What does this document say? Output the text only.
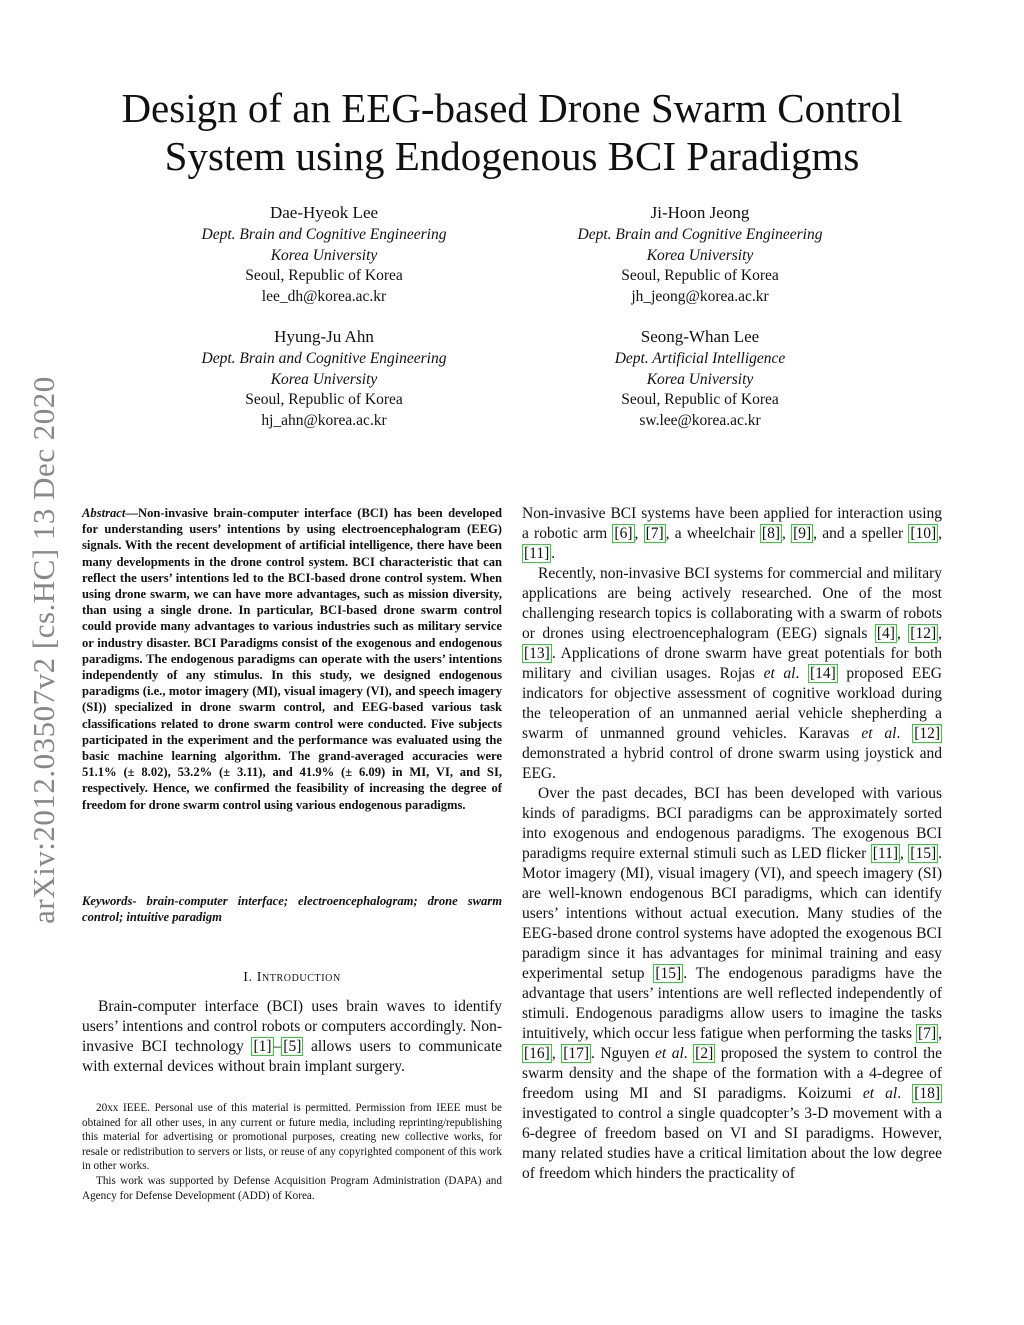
arXiv:2012.03507v2 [cs.HC] 13 Dec 2020
Design of an EEG-based Drone Swarm Control
System using Endogenous BCI Paradigms
Dae-Hyeok Lee
Dept. Brain and Cognitive Engineering
Korea University
Seoul, Republic of Korea
lee_dh@korea.ac.kr
Ji-Hoon Jeong
Dept. Brain and Cognitive Engineering
Korea University
Seoul, Republic of Korea
jh_jeong@korea.ac.kr
Hyung-Ju Ahn
Dept. Brain and Cognitive Engineering
Korea University
Seoul, Republic of Korea
hj_ahn@korea.ac.kr
Seong-Whan Lee
Dept. Artificial Intelligence
Korea University
Seoul, Republic of Korea
sw.lee@korea.ac.kr

Abstract—Non-invasive brain-computer interface (BCI) has been developed for understanding users’ intentions by using electroencephalogram (EEG) signals. With the recent development of artificial intelligence, there have been many developments in the drone control system. BCI characteristic that can reflect the users’ intentions led to the BCI-based drone control system. When using drone swarm, we can have more advantages, such as mission diversity, than using a single drone. In particular, BCI-based drone swarm control could provide many advantages to various industries such as military service or industry disaster. BCI Paradigms consist of the exogenous and endogenous paradigms. The endogenous paradigms can operate with the users’ intentions independently of any stimulus. In this study, we designed endogenous paradigms (i.e., motor imagery (MI), visual imagery (VI), and speech imagery (SI)) specialized in drone swarm control, and EEG-based various task classifications related to drone swarm control were conducted. Five subjects participated in the experiment and the performance was evaluated using the basic machine learning algorithm. The grand-averaged accuracies were 51.1% (± 8.02), 53.2% (± 3.11), and 41.9% (± 6.09) in MI, VI, and SI, respectively. Hence, we confirmed the feasibility of increasing the degree of freedom for drone swarm control using various endogenous paradigms.

Keywords- brain-computer interface; electroencephalogram; drone swarm control; intuitive paradigm

I. Introduction

Brain-computer interface (BCI) uses brain waves to identify users’ intentions and control robots or computers accordingly. Non-invasive BCI technology [1] – [5] allows users to communicate with external devices without brain implant surgery.

20xx IEEE. Personal use of this material is permitted. Permission from IEEE must be obtained for all other uses, in any current or future media, including reprinting/republishing this material for advertising or promotional purposes, creating new collective works, for resale or redistribution to servers or lists, or reuse of any copyrighted component of this work in other works.

This work was supported by Defense Acquisition Program Administration (DAPA) and Agency for Defense Development (ADD) of Korea.

Non-invasive BCI systems have been applied for interaction using a robotic arm [6] , [7] , a wheelchair [8] , [9] , and a speller [10] , [11] .

Recently, non-invasive BCI systems for commercial and military applications are being actively researched. One of the most challenging research topics is collaborating with a swarm of robots or drones using electroencephalogram (EEG) signals [4] , [12] , [13] . Applications of drone swarm have great potentials for both military and civilian usages. Rojas et al. [14] proposed EEG indicators for objective assessment of cognitive workload during the teleoperation of an unmanned aerial vehicle shepherding a swarm of unmanned ground vehicles. Karavas et al. [12] demonstrated a hybrid control of drone swarm using joystick and EEG.

Over the past decades, BCI has been developed with various kinds of paradigms. BCI paradigms can be approximately sorted into exogenous and endogenous paradigms. The exogenous BCI paradigms require external stimuli such as LED flicker [11] , [15] . Motor imagery (MI), visual imagery (VI), and speech imagery (SI) are well-known endogenous BCI paradigms, which can identify users’ intentions without actual execution. Many studies of the EEG-based drone control systems have adopted the exogenous BCI paradigm since it has advantages for minimal training and easy experimental setup [15] . The endogenous paradigms have the advantage that users’ intentions are well reflected independently of stimuli. Endogenous paradigms allow users to imagine the tasks intuitively, which occur less fatigue when performing the tasks [7] , [16] , [17] . Nguyen et al. [2] proposed the system to control the swarm density and the shape of the formation with a 4-degree of freedom using MI and SI paradigms. Koizumi et al. [18] investigated to control a single quadcopter’s 3-D movement with a 6-degree of freedom based on VI and SI paradigms. However, many related studies have a critical limitation about the low degree of freedom which hinders the practicality of
